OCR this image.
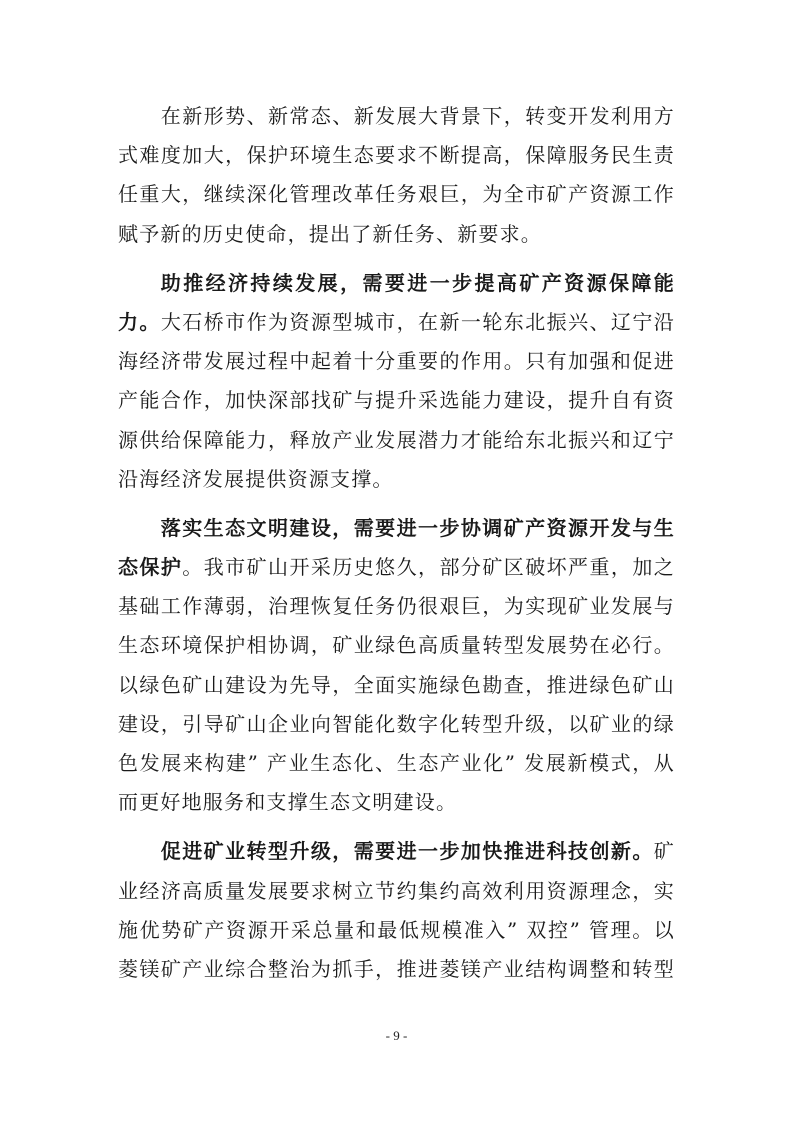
在新形势、新常态、新发展大背景下，转变开发利用方
式难度加大，保护环境生态要求不断提高，保障服务民生责
任重大，继续深化管理改革任务艰巨，为全市矿产资源工作
赋予新的历史使命，提出了新任务、新要求。
助推经济持续发展，需要进一步提高矿产资源保障能
力。大石桥市作为资源型城市，在新一轮东北振兴、辽宁沿
海经济带发展过程中起着十分重要的作用。只有加强和促进
产能合作，加快深部找矿与提升采选能力建设，提升自有资
源供给保障能力，释放产业发展潜力才能给东北振兴和辽宁
沿海经济发展提供资源支撑。
落实生态文明建设，需要进一步协调矿产资源开发与生
态保护。我市矿山开采历史悠久，部分矿区破坏严重，加之
基础工作薄弱，治理恢复任务仍很艰巨，为实现矿业发展与
生态环境保护相协调，矿业绿色高质量转型发展势在必行。
以绿色矿山建设为先导，全面实施绿色勘查，推进绿色矿山
建设，引导矿山企业向智能化数字化转型升级，以矿业的绿
色发展来构建” 产业生态化、生态产业化” 发展新模式，从
而更好地服务和支撑生态文明建设。
促进矿业转型升级，需要进一步加快推进科技创新。矿
业经济高质量发展要求树立节约集约高效利用资源理念，实
施优势矿产资源开采总量和最低规模准入” 双控” 管理。以
菱镁矿产业综合整治为抓手，推进菱镁产业结构调整和转型
- 9 -
